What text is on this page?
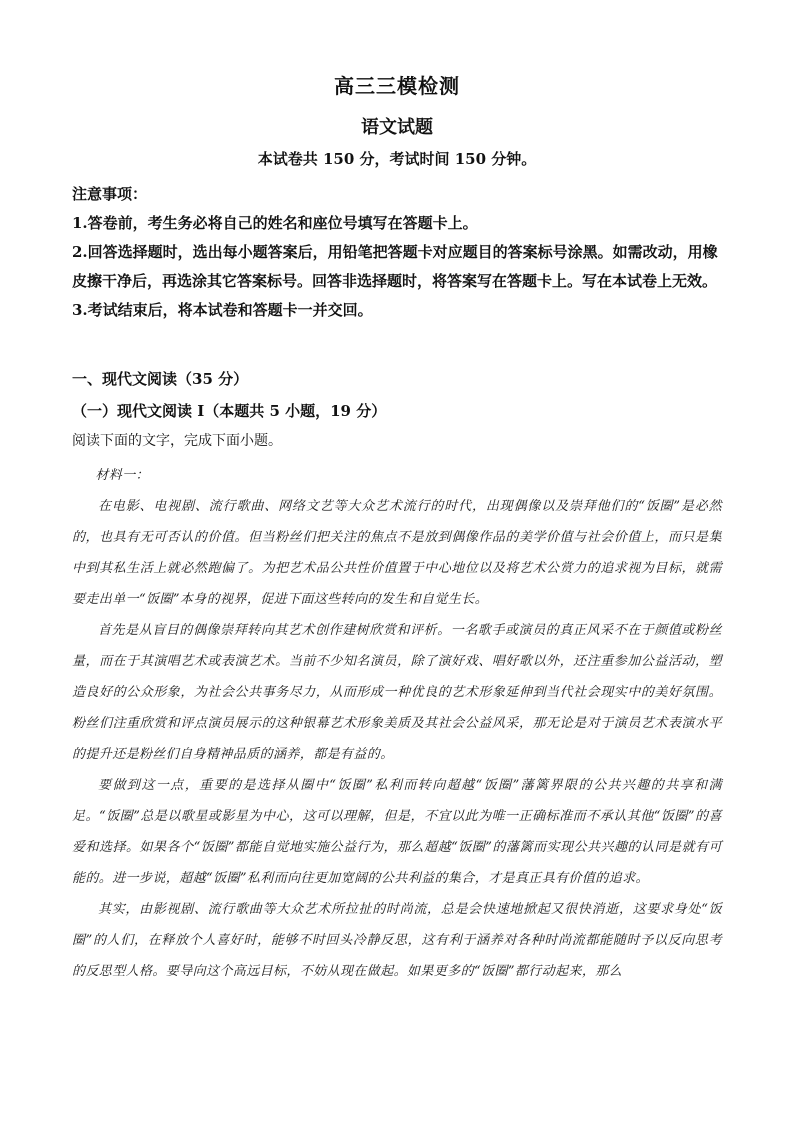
高三三模检测
语文试题
本试卷共 150 分，考试时间 150 分钟。

注意事项：

1.答卷前，考生务必将自己的姓名和座位号填写在答题卡上。

2.回答选择题时，选出每小题答案后，用铅笔把答题卡对应题目的答案标号涂黑。如需改动，用橡皮擦干净后，再选涂其它答案标号。回答非选择题时，将答案写在答题卡上。写在本试卷上无效。

3.考试结束后，将本试卷和答题卡一并交回。

一、现代文阅读（35 分）
（一）现代文阅读 I（本题共 5 小题，19 分）
阅读下面的文字，完成下面小题。

材料一：

在电影、电视剧、流行歌曲、网络文艺等大众艺术流行的时代，出现偶像以及崇拜他们的“饭圈”是必然的，也具有无可否认的价值。但当粉丝们把关注的焦点不是放到偶像作品的美学价值与社会价值上，而只是集中到其私生活上就必然跑偏了。为把艺术品公共性价值置于中心地位以及将艺术公赏力的追求视为目标，就需要走出单一“饭圈”本身的视界，促进下面这些转向的发生和自觉生长。

首先是从盲目的偶像崇拜转向其艺术创作建树欣赏和评析。一名歌手或演员的真正风采不在于颜值或粉丝量，而在于其演唱艺术或表演艺术。当前不少知名演员，除了演好戏、唱好歌以外，还注重参加公益活动，塑造良好的公众形象，为社会公共事务尽力，从而形成一种优良的艺术形象延伸到当代社会现实中的美好氛围。粉丝们注重欣赏和评点演员展示的这种银幕艺术形象美质及其社会公益风采，那无论是对于演员艺术表演水平的提升还是粉丝们自身精神品质的涵养，都是有益的。

要做到这一点，重要的是选择从圈中“饭圈”私利而转向超越“饭圈”藩篱界限的公共兴趣的共享和满足。“饭圈”总是以歌星或影星为中心，这可以理解，但是，不宜以此为唯一正确标准而不承认其他“饭圈”的喜爱和选择。如果各个“饭圈”都能自觉地实施公益行为，那么超越“饭圈”的藩篱而实现公共兴趣的认同是就有可能的。进一步说，超越“饭圈”私利而向往更加宽阔的公共利益的集合，才是真正具有价值的追求。

其实，由影视剧、流行歌曲等大众艺术所拉扯的时尚流，总是会快速地掀起又很快消逝，这要求身处“饭圈”的人们，在释放个人喜好时，能够不时回头冷静反思，这有利于涵养对各种时尚流都能随时予以反向思考的反思型人格。要导向这个高远目标，不妨从现在做起。如果更多的“饭圈”都行动起来，那么
